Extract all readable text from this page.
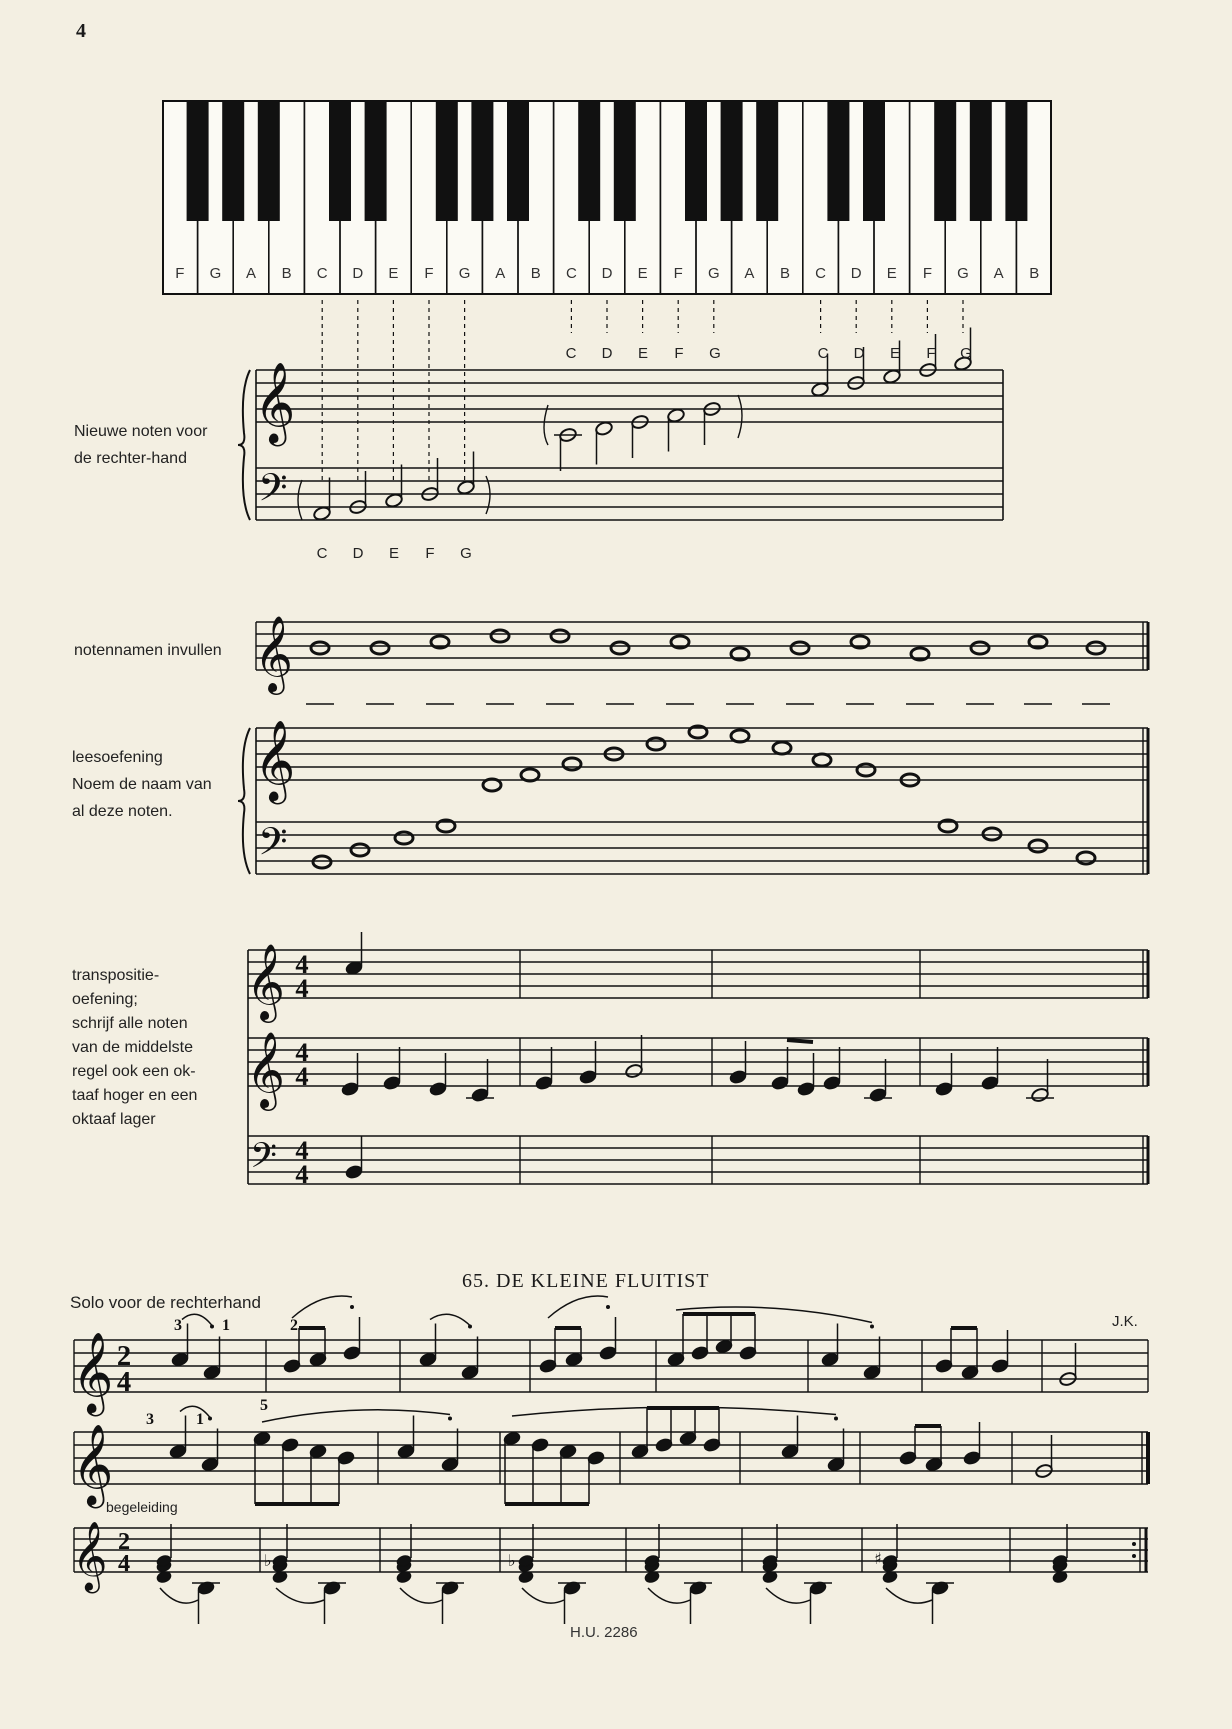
4
F G A B C D E F G A B C D E F G A B C D E F G A B
𝄞
𝄢
C D E F G	C D E F G
C D E F G
𝄞
𝄞
𝄢
𝄞
𝄞
𝄢
4
4
4
4
4
4
𝄞
𝄞
𝄞
2
4
2
4
3	1	2
3	1
5
♭	♭	♯
Nieuwe noten voor
de rechter-hand
notennamen invullen
leesoefening
Noem de naam van
al deze noten.
transpositie-
oefening;
schrijf alle noten
van de middelste
regel ook een ok-
taaf hoger en een
oktaaf lager
65. DE KLEINE FLUITIST
Solo voor de rechterhand
J.K.
begeleiding
H.U. 2286
